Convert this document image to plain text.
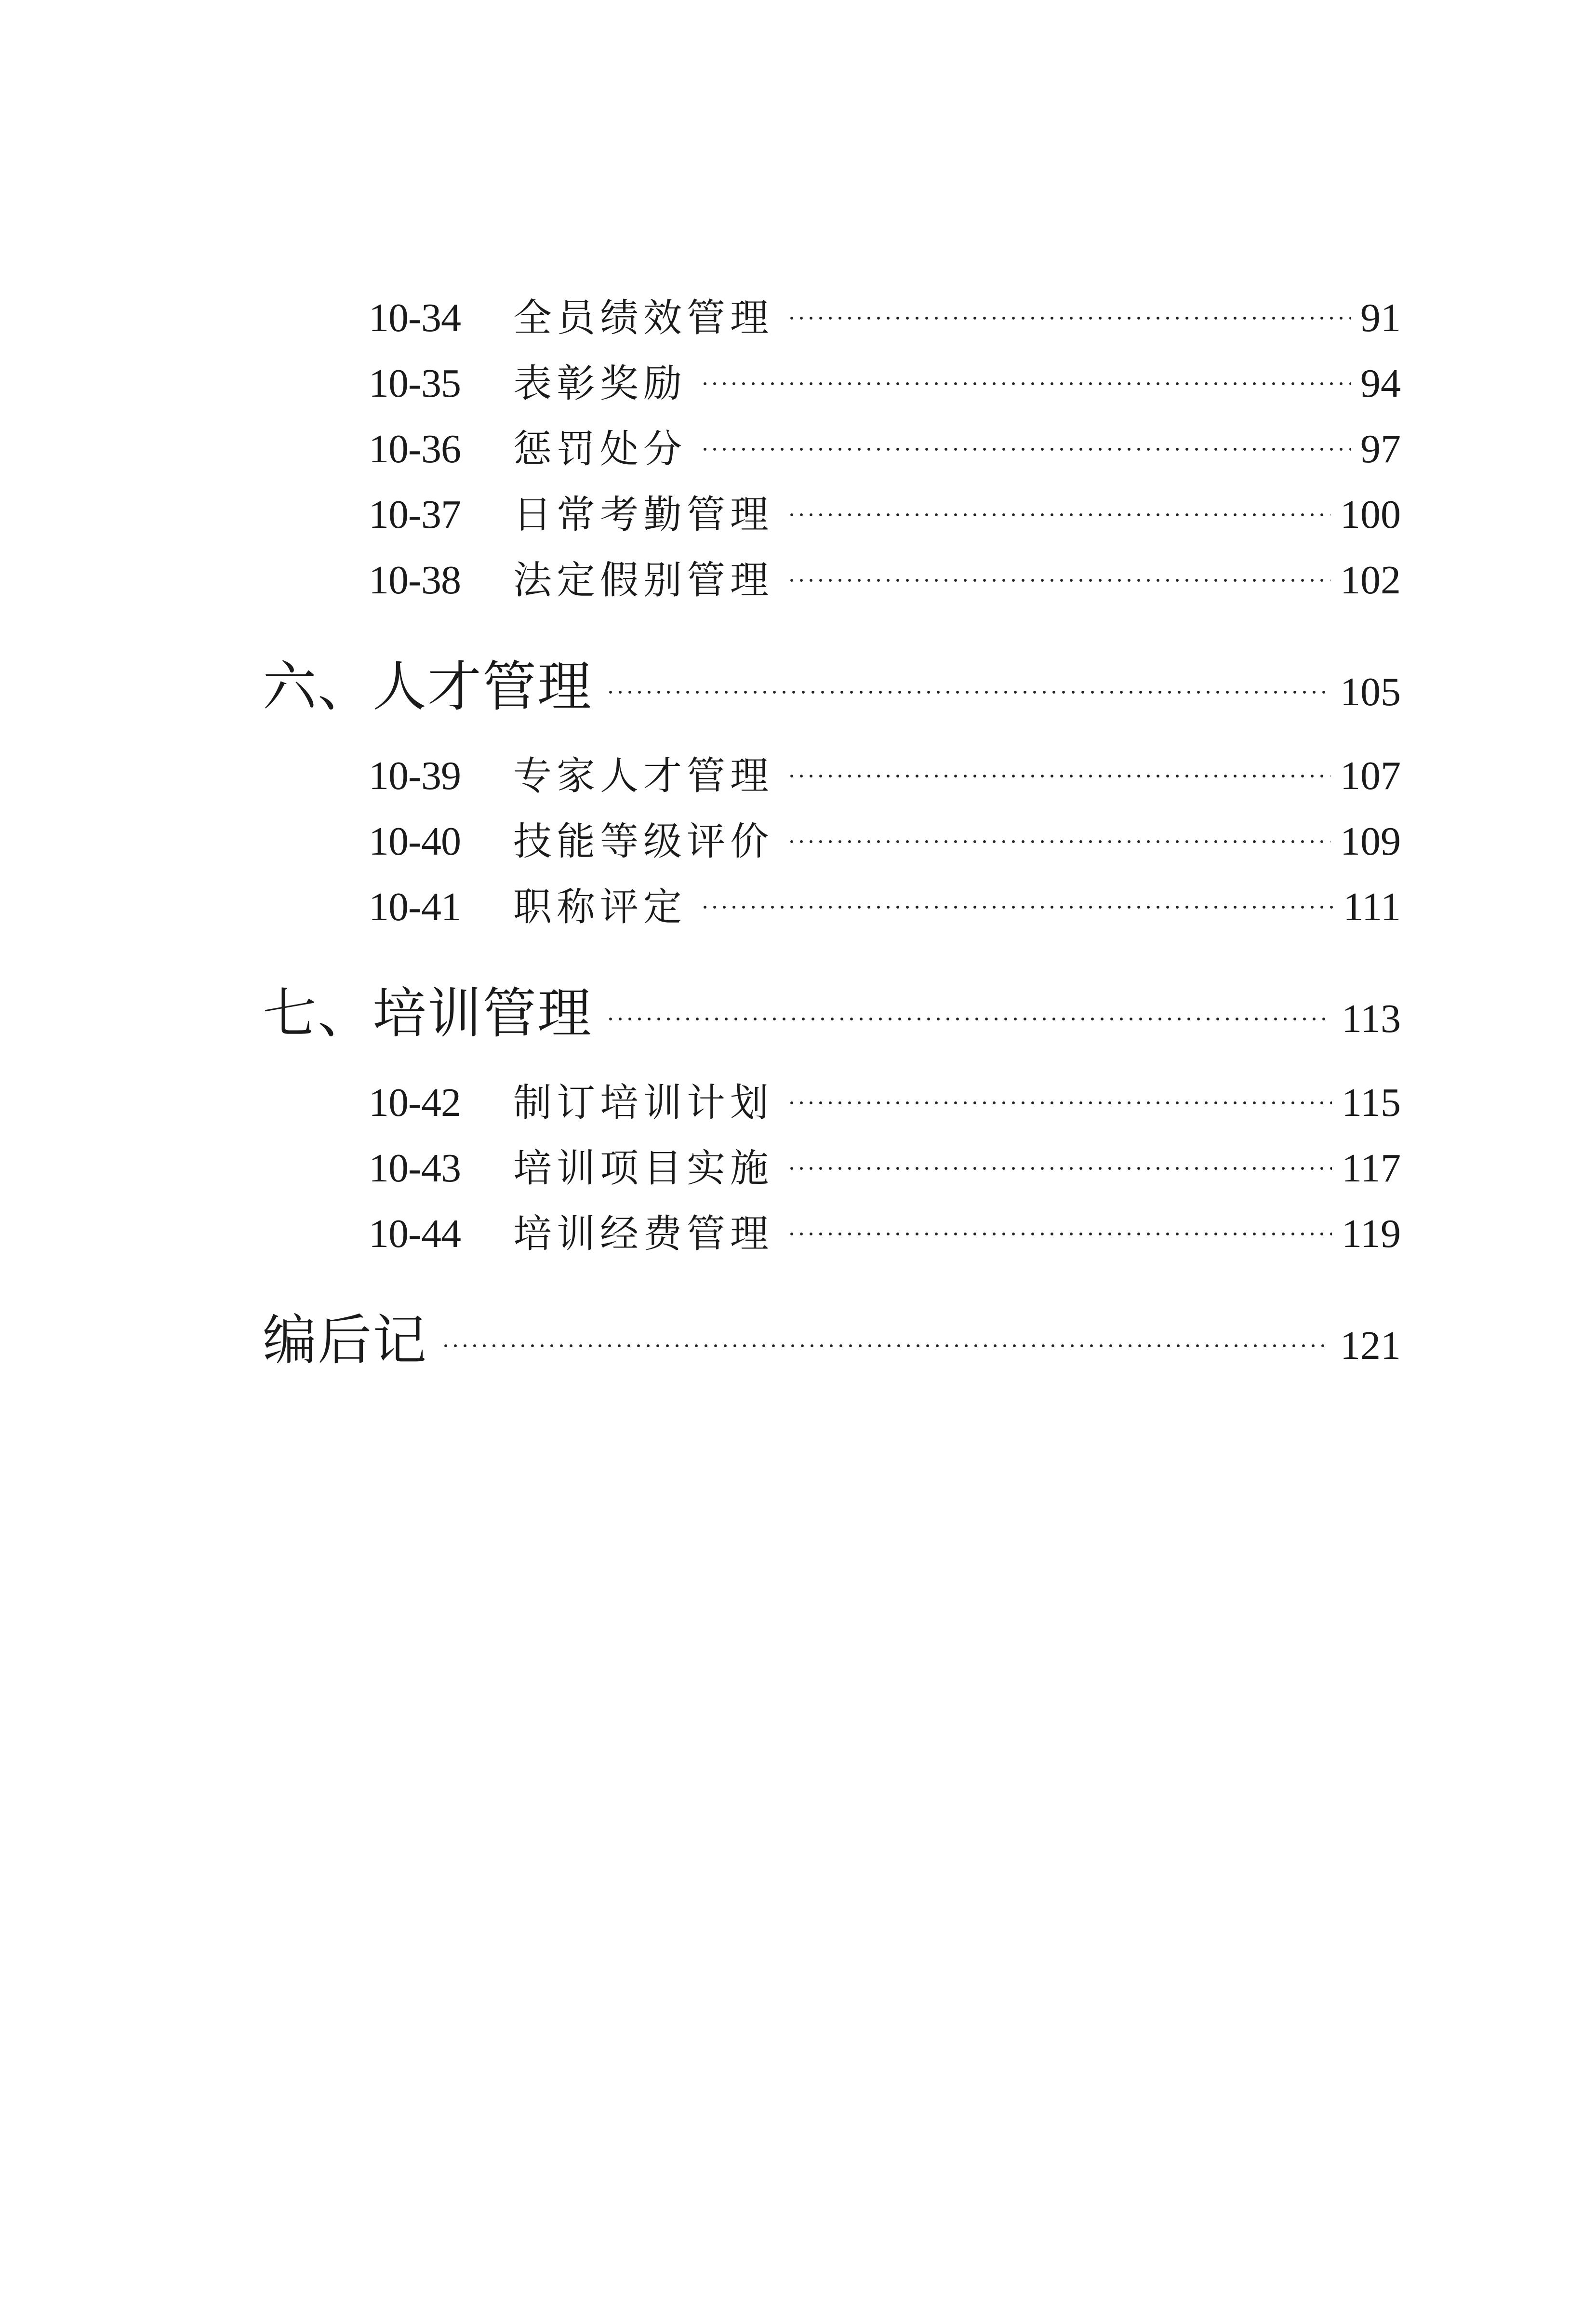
10-34	全员绩效管理	91
10-35	表彰奖励	94
10-36	惩罚处分	97
10-37	日常考勤管理	100
10-38	法定假别管理	102
六、人才管理	105
10-39	专家人才管理	107
10-40	技能等级评价	109
10-41	职称评定	111
七、培训管理	113
10-42	制订培训计划	115
10-43	培训项目实施	117
10-44	培训经费管理	119
编后记	121
